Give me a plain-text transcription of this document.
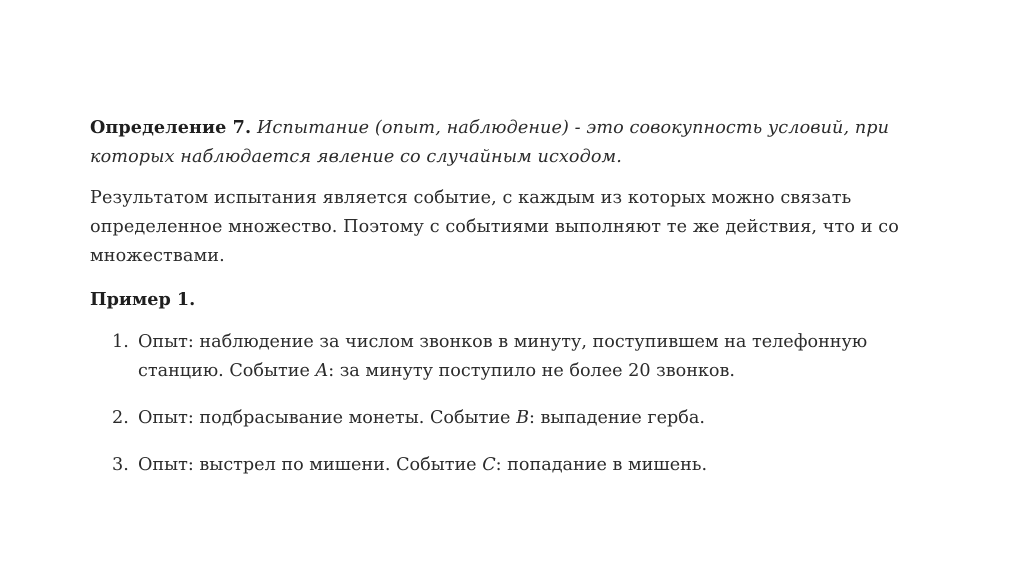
Определение 7. Испытание (опыт, наблюдение) - это совокупность условий, при которых наблюдается явление со случайным исходом.

Результатом испытания является событие, с каждым из которых можно связать определенное множество. Поэтому с событиями выполняют те же действия, что и со множествами.

Пример 1.

1. Опыт: наблюдение за числом звонков в минуту, поступившем на телефонную станцию. Событие A: за минуту поступило не более 20 звонков.
2. Опыт: подбрасывание монеты. Событие B: выпадение герба.
3. Опыт: выстрел по мишени. Событие C: попадание в мишень.
